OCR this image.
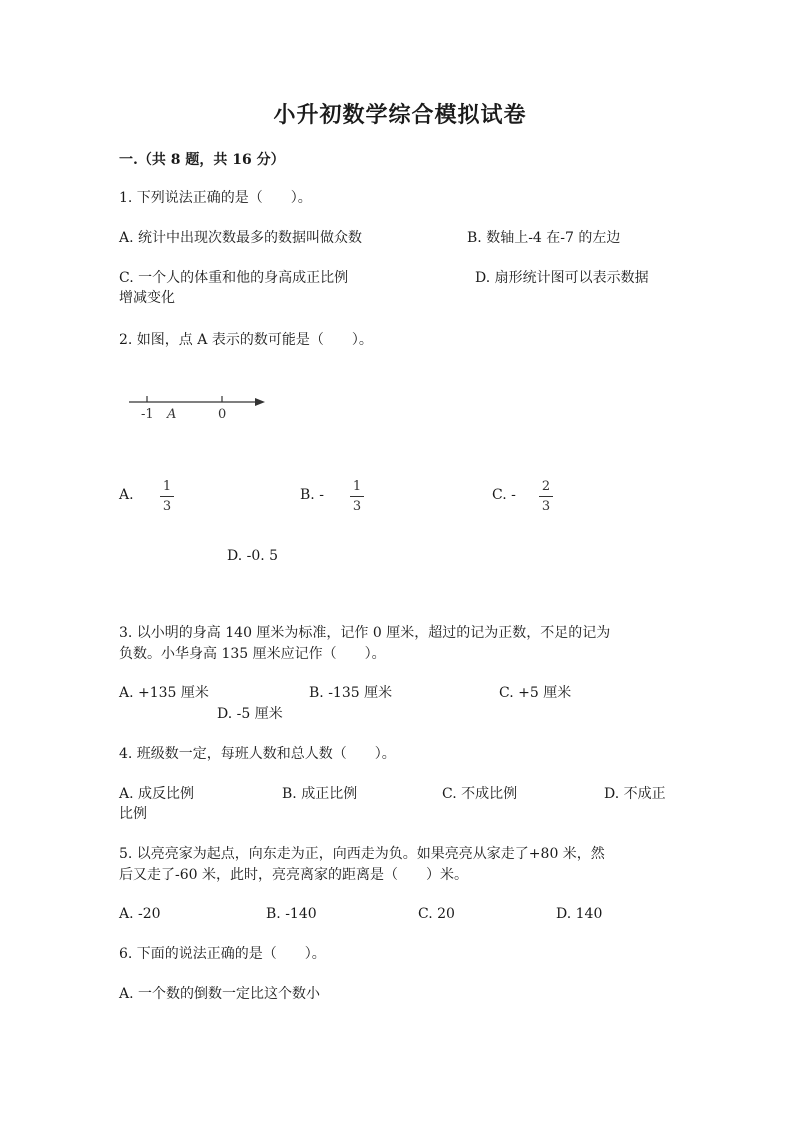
小升初数学综合模拟试卷
一.（共 8 题，共 16 分）
1. 下列说法正确的是（　　）。
A. 统计中出现次数最多的数据叫做众数	B. 数轴上-4 在-7 的左边
C. 一个人的体重和他的身高成正比例	D. 扇形统计图可以表示数据
增减变化
2. 如图，点 A 表示的数可能是（　　）。
-1 A	0
A.
1
3
B. -
1
3
C. -
2
3
D. -0. 5
3. 以小明的身高 140 厘米为标准，记作 0 厘米，超过的记为正数，不足的记为
负数。小华身高 135 厘米应记作（　　）。
A. +135 厘米	B. -135 厘米	C. +5 厘米
D. -5 厘米
4. 班级数一定，每班人数和总人数（　　）。
A. 成反比例	B. 成正比例	C. 不成比例	D. 不成正
比例
5. 以亮亮家为起点，向东走为正，向西走为负。如果亮亮从家走了+80 米，然
后又走了-60 米，此时，亮亮离家的距离是（　　）米。
A. -20	B. -140	C. 20	D. 140
6. 下面的说法正确的是（　　）。
A. 一个数的倒数一定比这个数小
